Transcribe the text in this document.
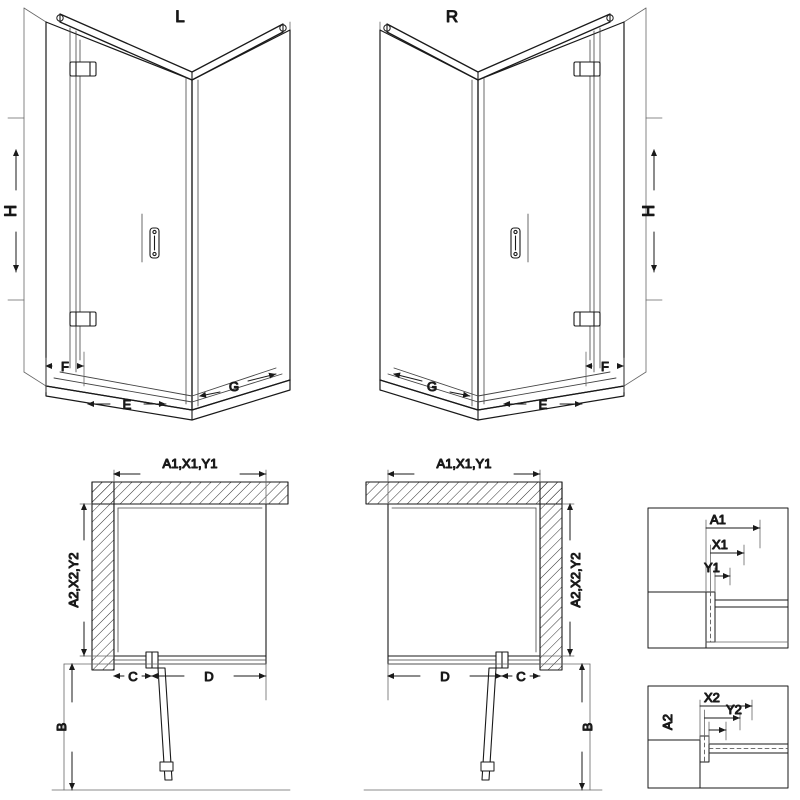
H
F
E
G
L
H
F
E
G
R
A1,X1,Y1
A2,X2,Y2
C	D
B
A1,X1,Y1
A2,X2,Y2
C
D
B
A1
X1
Y1
A2
X2
Y2
